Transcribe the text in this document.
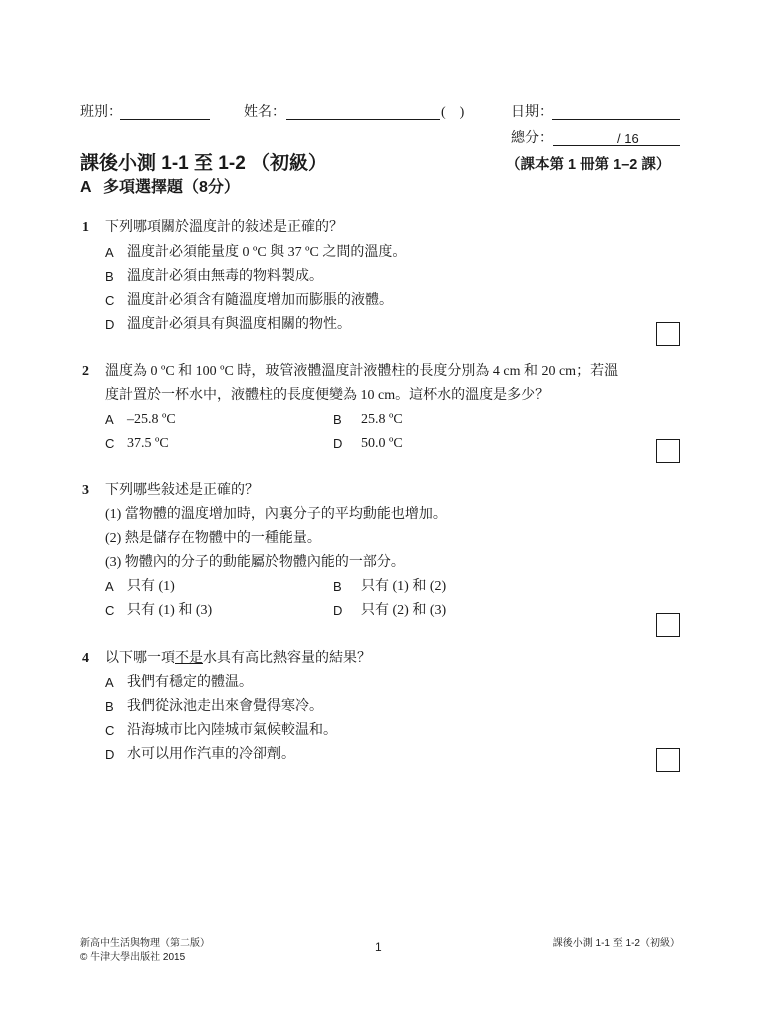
班別：	姓名：	(    )	日期：
總分：	/ 16
課後小測 1-1 至 1-2 （初級）	（課本第 1 冊第 1–2 課）
A 多項選擇題（8分）
1 下列哪項關於溫度計的敍述是正確的？
A 溫度計必須能量度 0 ºC 與 37 ºC 之間的溫度。
B 溫度計必須由無毒的物料製成。
C 溫度計必須含有隨溫度增加而膨脹的液體。
D 溫度計必須具有與溫度相關的物性。
2 溫度為 0 ºC 和 100 ºC 時，玻管液體溫度計液體柱的長度分別為 4 cm 和 20 cm；若溫
度計置於一杯水中，液體柱的長度便變為 10 cm。這杯水的溫度是多少？
A –25.8 ºC	B 25.8 ºC
C 37.5 ºC	D 50.0 ºC
3 下列哪些敍述是正確的？
(1) 當物體的溫度增加時，內裏分子的平均動能也增加。
(2) 熱是儲存在物體中的一種能量。
(3) 物體內的分子的動能屬於物體內能的一部分。
A 只有 (1)	B 只有 (1) 和 (2)
C 只有 (1) 和 (3)	D 只有 (2) 和 (3)
4 以下哪一項不是水具有高比熱容量的結果？
A 我們有穩定的體温。
B 我們從泳池走出來會覺得寒冷。
C 沿海城市比內陸城市氣候較温和。
D 水可以用作汽車的冷卻劑。
新高中生活與物理（第二版）
© 牛津大學出版社 2015
1	課後小測 1-1 至 1-2（初級）
